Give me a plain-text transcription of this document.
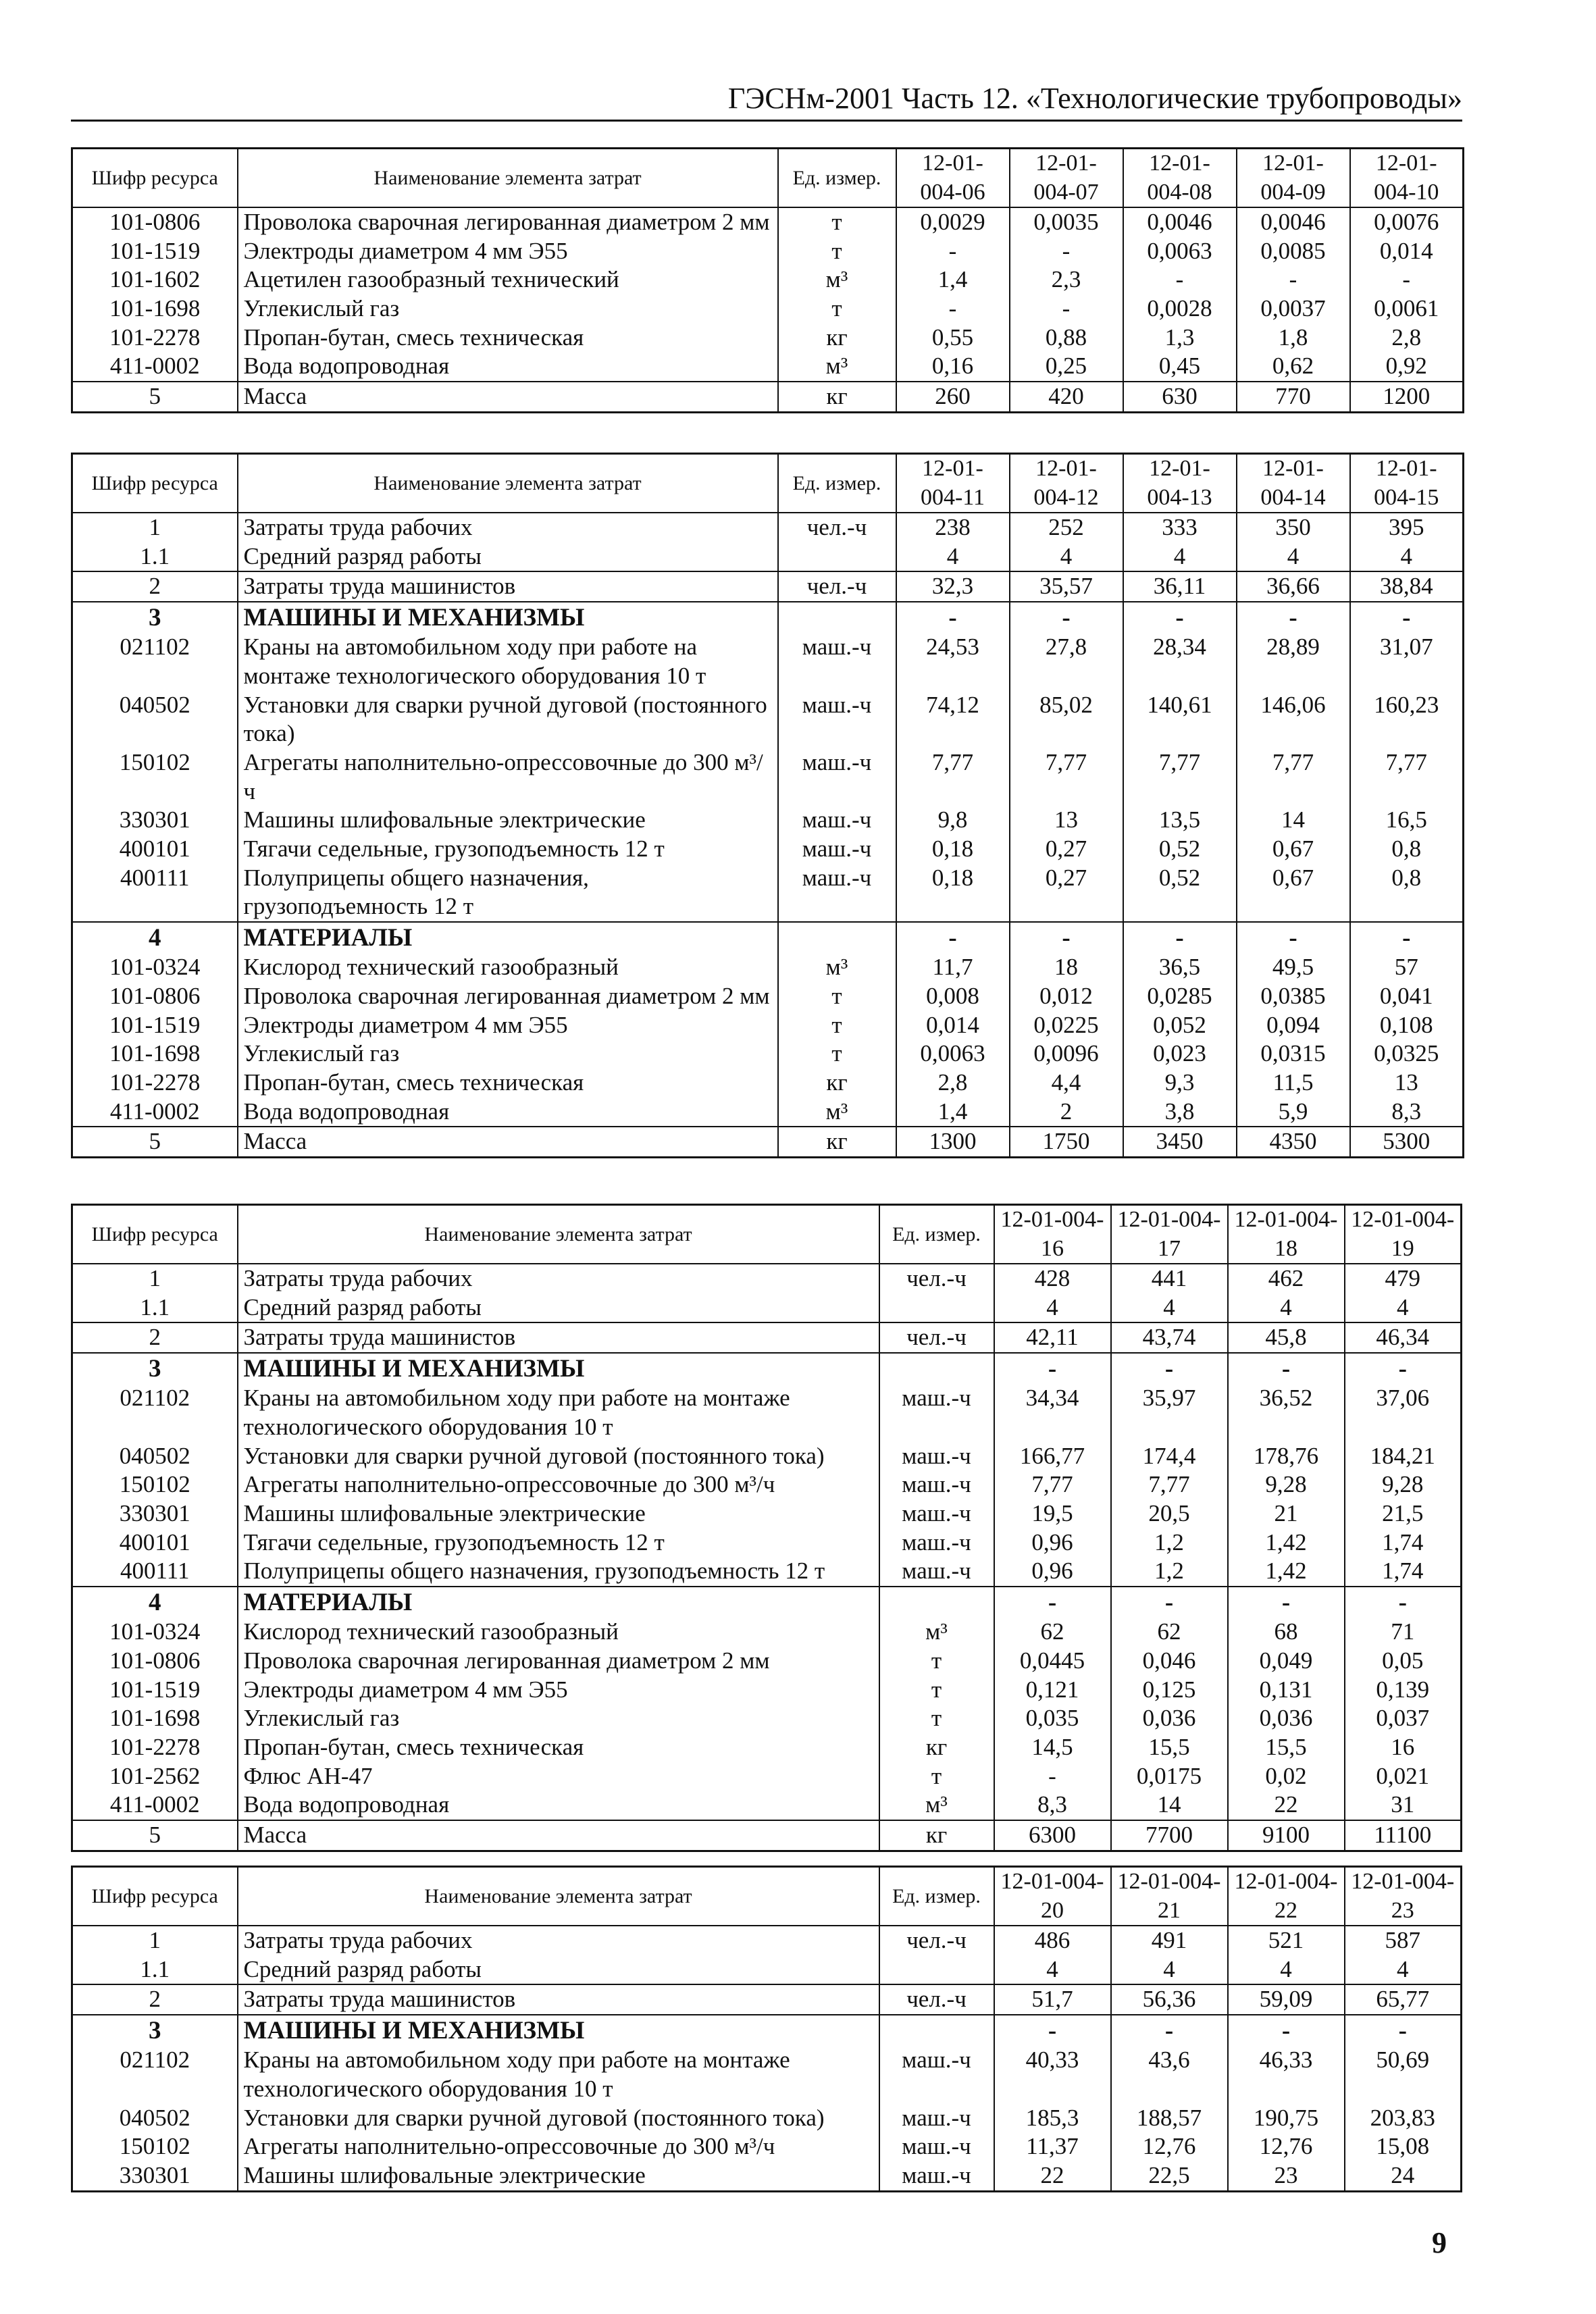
ГЭСНм-2001 Часть 12. «Технологические трубопроводы»
Шифр ресурса	Наименование элемента затрат	Ед. измер.	12-01-004-06	12-01-004-07	12-01-004-08	12-01-004-09	12-01-004-10
101-0806	Проволока сварочная легированная диаметром 2 мм	т	0,0029	0,0035	0,0046	0,0046	0,0076
101-1519	Электроды диаметром 4 мм Э55	т	-	-	0,0063	0,0085	0,014
101-1602	Ацетилен газообразный технический	м³	1,4	2,3	-	-	-
101-1698	Углекислый газ	т	-	-	0,0028	0,0037	0,0061
101-2278	Пропан-бутан, смесь техническая	кг	0,55	0,88	1,3	1,8	2,8
411-0002	Вода водопроводная	м³	0,16	0,25	0,45	0,62	0,92
5	Масса	кг	260	420	630	770	1200
Шифр ресурса	Наименование элемента затрат	Ед. измер.	12-01-004-11	12-01-004-12	12-01-004-13	12-01-004-14	12-01-004-15
1	Затраты труда рабочих	чел.-ч	238	252	333	350	395
1.1	Средний разряд работы		4	4	4	4	4
2	Затраты труда машинистов	чел.-ч	32,3	35,57	36,11	36,66	38,84
3	МАШИНЫ И МЕХАНИЗМЫ		-	-	-	-	-
021102	Краны на автомобильном ходу при работе на монтаже технологического оборудования 10 т	маш.-ч	24,53	27,8	28,34	28,89	31,07
040502	Установки для сварки ручной дуговой (постоянного тока)	маш.-ч	74,12	85,02	140,61	146,06	160,23
150102	Агрегаты наполнительно-опрессовочные до 300 м³/ч	маш.-ч	7,77	7,77	7,77	7,77	7,77
330301	Машины шлифовальные электрические	маш.-ч	9,8	13	13,5	14	16,5
400101	Тягачи седельные, грузоподъемность 12 т	маш.-ч	0,18	0,27	0,52	0,67	0,8
400111	Полуприцепы общего назначения, грузоподъемность 12 т	маш.-ч	0,18	0,27	0,52	0,67	0,8
4	МАТЕРИАЛЫ		-	-	-	-	-
101-0324	Кислород технический газообразный	м³	11,7	18	36,5	49,5	57
101-0806	Проволока сварочная легированная диаметром 2 мм	т	0,008	0,012	0,0285	0,0385	0,041
101-1519	Электроды диаметром 4 мм Э55	т	0,014	0,0225	0,052	0,094	0,108
101-1698	Углекислый газ	т	0,0063	0,0096	0,023	0,0315	0,0325
101-2278	Пропан-бутан, смесь техническая	кг	2,8	4,4	9,3	11,5	13
411-0002	Вода водопроводная	м³	1,4	2	3,8	5,9	8,3
5	Масса	кг	1300	1750	3450	4350	5300
Шифр ресурса	Наименование элемента затрат	Ед. измер.	12-01-004-16	12-01-004-17	12-01-004-18	12-01-004-19
1	Затраты труда рабочих	чел.-ч	428	441	462	479
1.1	Средний разряд работы		4	4	4	4
2	Затраты труда машинистов	чел.-ч	42,11	43,74	45,8	46,34
3	МАШИНЫ И МЕХАНИЗМЫ		-	-	-	-
021102	Краны на автомобильном ходу при работе на монтаже технологического оборудования 10 т	маш.-ч	34,34	35,97	36,52	37,06
040502	Установки для сварки ручной дуговой (постоянного тока)	маш.-ч	166,77	174,4	178,76	184,21
150102	Агрегаты наполнительно-опрессовочные до 300 м³/ч	маш.-ч	7,77	7,77	9,28	9,28
330301	Машины шлифовальные электрические	маш.-ч	19,5	20,5	21	21,5
400101	Тягачи седельные, грузоподъемность 12 т	маш.-ч	0,96	1,2	1,42	1,74
400111	Полуприцепы общего назначения, грузоподъемность 12 т	маш.-ч	0,96	1,2	1,42	1,74
4	МАТЕРИАЛЫ		-	-	-	-
101-0324	Кислород технический газообразный	м³	62	62	68	71
101-0806	Проволока сварочная легированная диаметром 2 мм	т	0,0445	0,046	0,049	0,05
101-1519	Электроды диаметром 4 мм Э55	т	0,121	0,125	0,131	0,139
101-1698	Углекислый газ	т	0,035	0,036	0,036	0,037
101-2278	Пропан-бутан, смесь техническая	кг	14,5	15,5	15,5	16
101-2562	Флюс АН-47	т	-	0,0175	0,02	0,021
411-0002	Вода водопроводная	м³	8,3	14	22	31
5	Масса	кг	6300	7700	9100	11100
Шифр ресурса	Наименование элемента затрат	Ед. измер.	12-01-004-20	12-01-004-21	12-01-004-22	12-01-004-23
1	Затраты труда рабочих	чел.-ч	486	491	521	587
1.1	Средний разряд работы		4	4	4	4
2	Затраты труда машинистов	чел.-ч	51,7	56,36	59,09	65,77
3	МАШИНЫ И МЕХАНИЗМЫ		-	-	-	-
021102	Краны на автомобильном ходу при работе на монтаже технологического оборудования 10 т	маш.-ч	40,33	43,6	46,33	50,69
040502	Установки для сварки ручной дуговой (постоянного тока)	маш.-ч	185,3	188,57	190,75	203,83
150102	Агрегаты наполнительно-опрессовочные до 300 м³/ч	маш.-ч	11,37	12,76	12,76	15,08
330301	Машины шлифовальные электрические	маш.-ч	22	22,5	23	24
9
